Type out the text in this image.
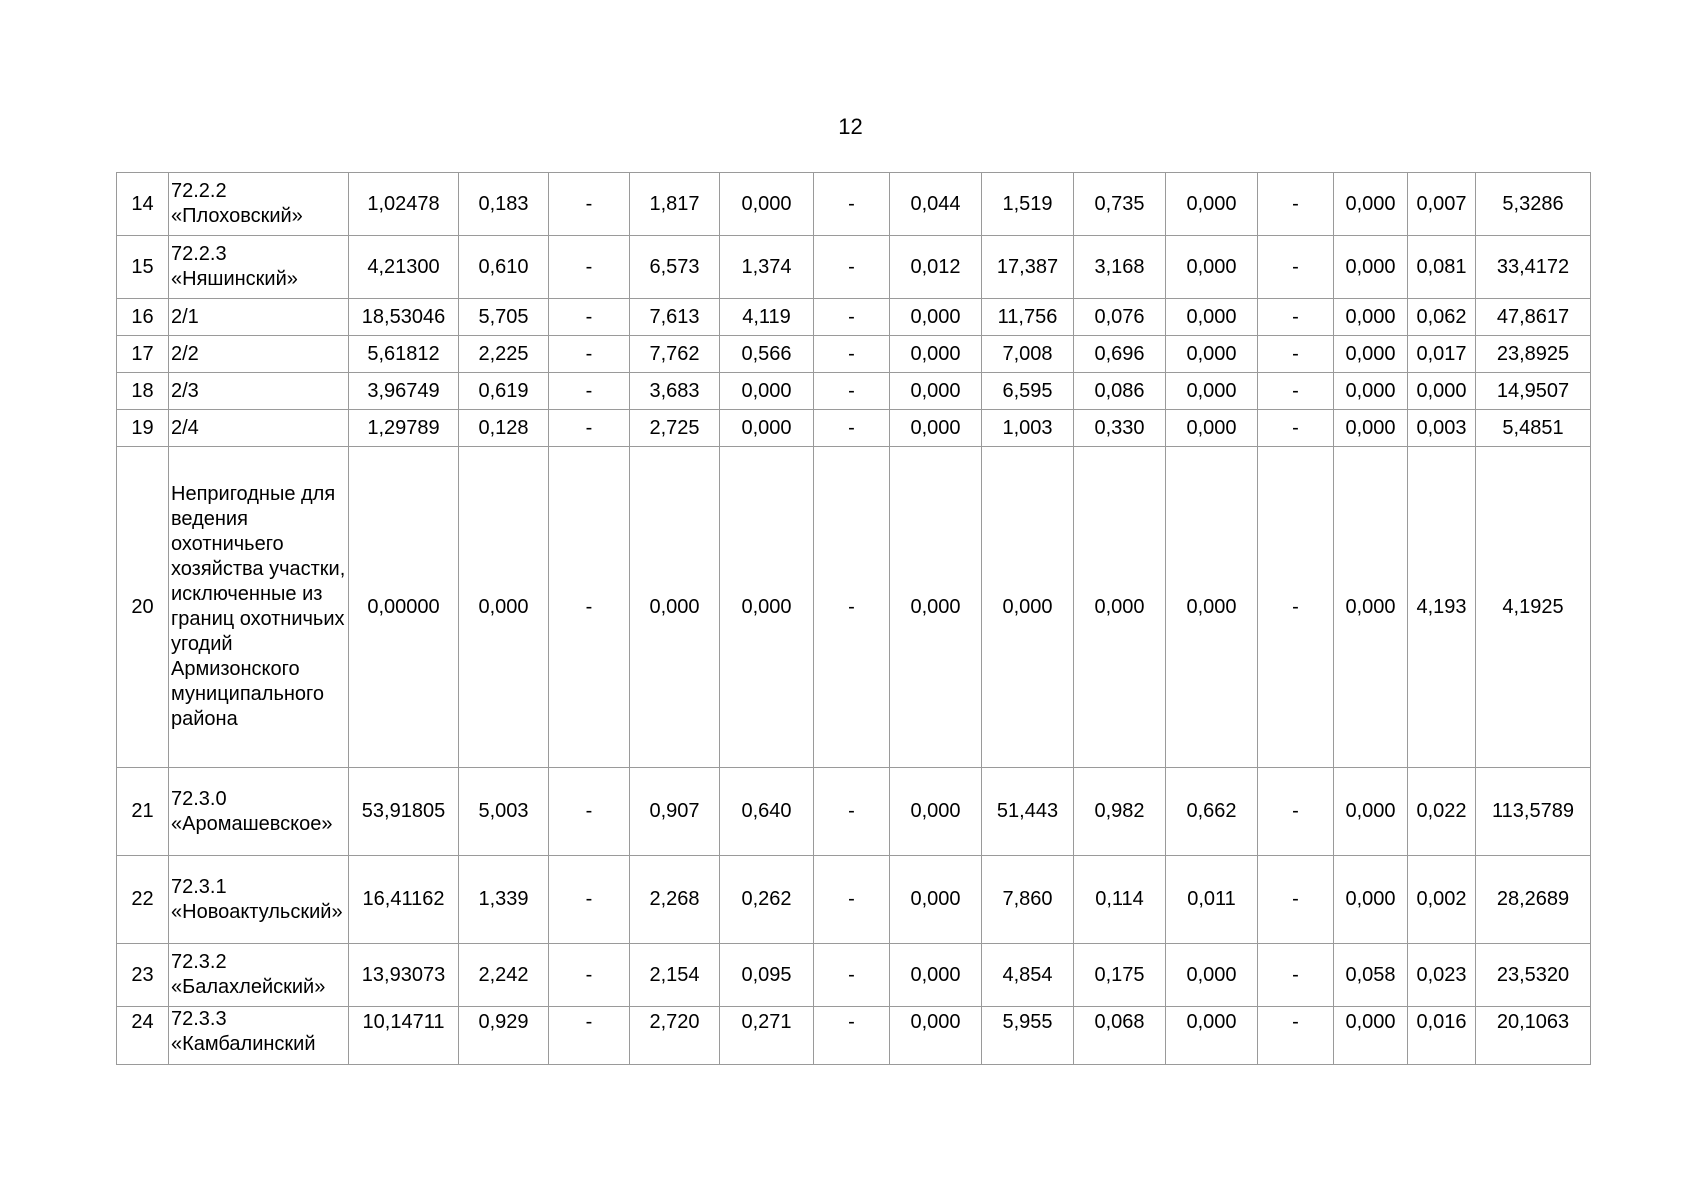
12
14	72.2.2 «Плоховский»	1,02478	0,183	-	1,817	0,000	-	0,044	1,519	0,735	0,000	-	0,000	0,007	5,3286
15	72.2.3 «Няшинский»	4,21300	0,610	-	6,573	1,374	-	0,012	17,387	3,168	0,000	-	0,000	0,081	33,4172
16	2/1	18,53046	5,705	-	7,613	4,119	-	0,000	11,756	0,076	0,000	-	0,000	0,062	47,8617
17	2/2	5,61812	2,225	-	7,762	0,566	-	0,000	7,008	0,696	0,000	-	0,000	0,017	23,8925
18	2/3	3,96749	0,619	-	3,683	0,000	-	0,000	6,595	0,086	0,000	-	0,000	0,000	14,9507
19	2/4	1,29789	0,128	-	2,725	0,000	-	0,000	1,003	0,330	0,000	-	0,000	0,003	5,4851
20	Непригодные для ведения охотничьего хозяйства участки, исключенные из границ охотничьих угодий Армизонского муниципального района	0,00000	0,000	-	0,000	0,000	-	0,000	0,000	0,000	0,000	-	0,000	4,193	4,1925
21	72.3.0 «Аромашевское»	53,91805	5,003	-	0,907	0,640	-	0,000	51,443	0,982	0,662	-	0,000	0,022	113,5789
22	72.3.1 «Новоактульский»	16,41162	1,339	-	2,268	0,262	-	0,000	7,860	0,114	0,011	-	0,000	0,002	28,2689
23	72.3.2 «Балахлейский»	13,93073	2,242	-	2,154	0,095	-	0,000	4,854	0,175	0,000	-	0,058	0,023	23,5320
24	72.3.3 «Камбалинский	10,14711	0,929	-	2,720	0,271	-	0,000	5,955	0,068	0,000	-	0,000	0,016	20,1063
